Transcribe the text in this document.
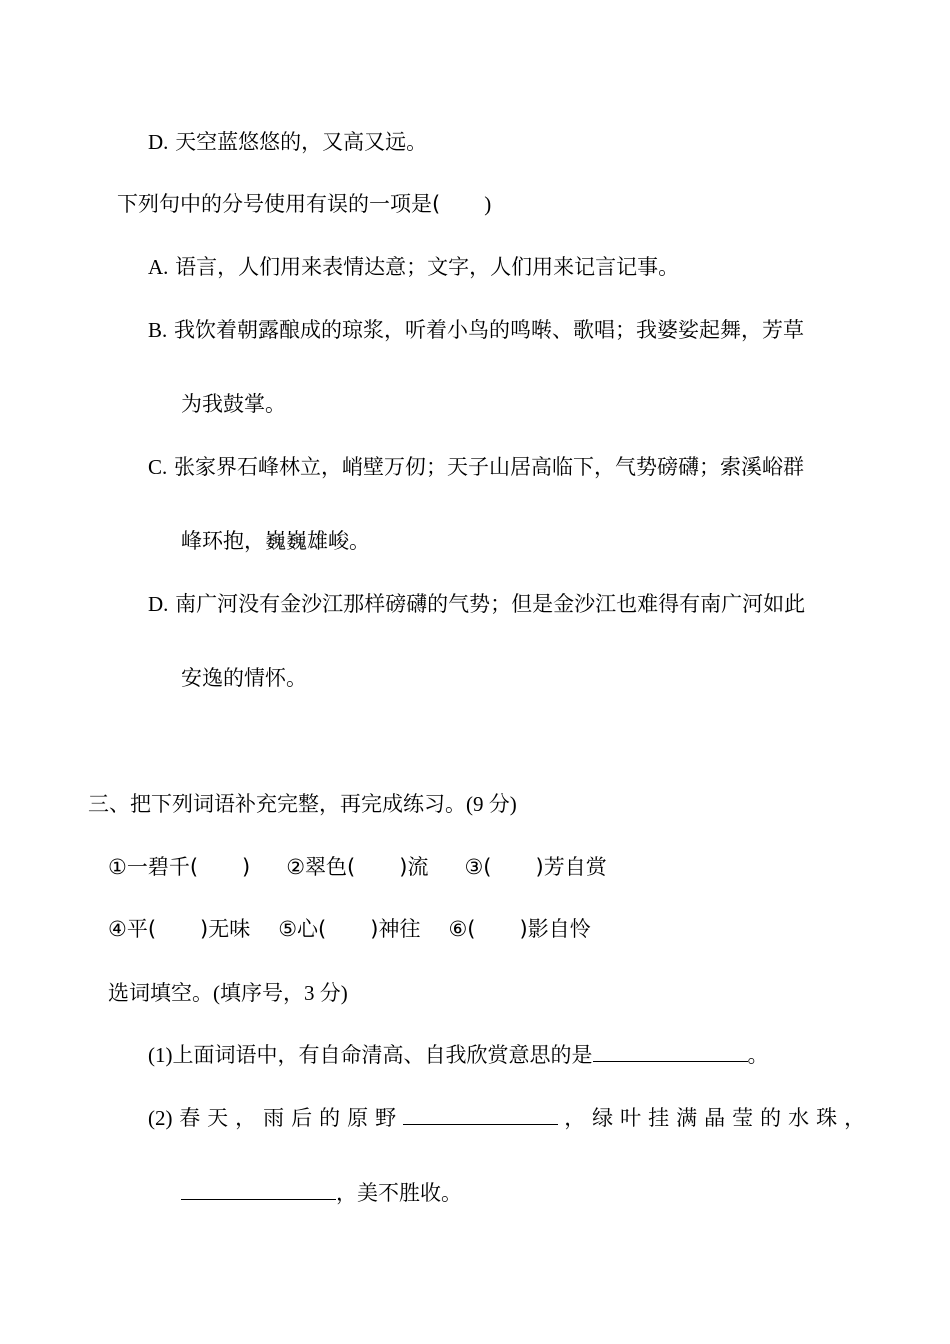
D. 天空蓝悠悠的，又高又远。

下列句中的分号使用有误的一项是( )

A. 语言，人们用来表情达意；文字，人们用来记言记事。

B. 我饮着朝露酿成的琼浆，听着小鸟的鸣啭、歌唱；我婆娑起舞，芳草

为我鼓掌。

C. 张家界石峰林立，峭壁万仞；天子山居高临下，气势磅礴；索溪峪群

峰环抱，巍巍雄峻。

D. 南广河没有金沙江那样磅礴的气势；但是金沙江也难得有南广河如此

安逸的情怀。

三、把下列词语补充完整，再完成练习。(9 分)

①一碧千( ) ②翠色( )流 ③( )芳自赏

④平( )无味 ⑤心( )神往 ⑥( )影自怜

选词填空。(填序号，3 分)

(1)上面词语中，有自命清高、自我欣赏意思的是	。

(2) 春天，雨后的原野	，绿叶挂满晶莹的水珠，

，美不胜收。
